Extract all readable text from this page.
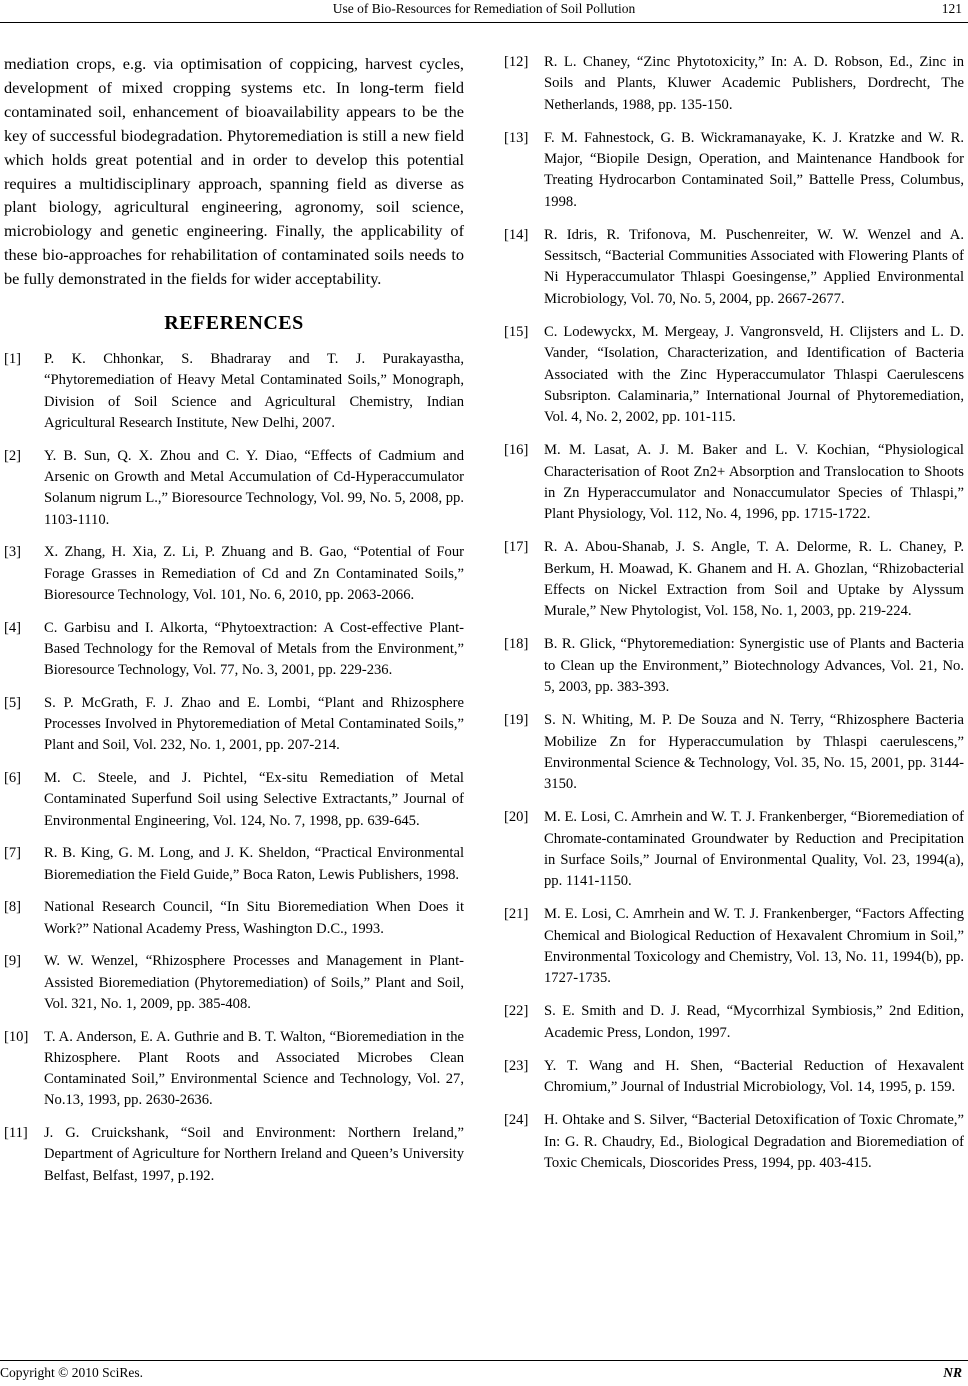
Use of Bio-Resources for Remediation of Soil Pollution	121

mediation crops, e.g. via optimisation of coppicing, harvest cycles, development of mixed cropping systems etc. In long-term field contaminated soil, enhancement of bioavailability appears to be the key of successful biodegradation. Phytoremediation is still a new field which holds great potential and in order to develop this potential requires a multidisciplinary approach, spanning field as diverse as plant biology, agricultural engineering, agronomy, soil science, microbiology and genetic engineering. Finally, the applicability of these bio-approaches for rehabilitation of contaminated soils needs to be fully demonstrated in the fields for wider acceptability.

REFERENCES
[1] P. K. Chhonkar, S. Bhadraray and T. J. Purakayastha, “Phytoremediation of Heavy Metal Contaminated Soils,” Monograph, Division of Soil Science and Agricultural Chemistry, Indian Agricultural Research Institute, New Delhi, 2007.
[2] Y. B. Sun, Q. X. Zhou and C. Y. Diao, “Effects of Cadmium and Arsenic on Growth and Metal Accumulation of Cd-Hyperaccumulator Solanum nigrum L.,” Bioresource Technology, Vol. 99, No. 5, 2008, pp. 1103-1110.
[3] X. Zhang, H. Xia, Z. Li, P. Zhuang and B. Gao, “Potential of Four Forage Grasses in Remediation of Cd and Zn Contaminated Soils,” Bioresource Technology, Vol. 101, No. 6, 2010, pp. 2063-2066.
[4] C. Garbisu and I. Alkorta, “Phytoextraction: A Cost-effective Plant-Based Technology for the Removal of Metals from the Environment,” Bioresource Technology, Vol. 77, No. 3, 2001, pp. 229-236.
[5] S. P. McGrath, F. J. Zhao and E. Lombi, “Plant and Rhizosphere Processes Involved in Phytoremediation of Metal Contaminated Soils,” Plant and Soil, Vol. 232, No. 1, 2001, pp. 207-214.
[6] M. C. Steele, and J. Pichtel, “Ex-situ Remediation of Metal Contaminated Superfund Soil using Selective Extractants,” Journal of Environmental Engineering, Vol. 124, No. 7, 1998, pp. 639-645.
[7] R. B. King, G. M. Long, and J. K. Sheldon, “Practical Environmental Bioremediation the Field Guide,” Boca Raton, Lewis Publishers, 1998.
[8] National Research Council, “In Situ Bioremediation When Does it Work?” National Academy Press, Washington D.C., 1993.
[9] W. W. Wenzel, “Rhizosphere Processes and Management in Plant-Assisted Bioremediation (Phytoremediation) of Soils,” Plant and Soil, Vol. 321, No. 1, 2009, pp. 385-408.
[10] T. A. Anderson, E. A. Guthrie and B. T. Walton, “Bioremediation in the Rhizosphere. Plant Roots and Associated Microbes Clean Contaminated Soil,” Environmental Science and Technology, Vol. 27, No.13, 1993, pp. 2630-2636.
[11] J. G. Cruickshank, “Soil and Environment: Northern Ireland,” Department of Agriculture for Northern Ireland and Queen’s University Belfast, Belfast, 1997, p.192.
[12] R. L. Chaney, “Zinc Phytotoxicity,” In: A. D. Robson, Ed., Zinc in Soils and Plants, Kluwer Academic Publishers, Dordrecht, The Netherlands, 1988, pp. 135-150.
[13] F. M. Fahnestock, G. B. Wickramanayake, K. J. Kratzke and W. R. Major, “Biopile Design, Operation, and Maintenance Handbook for Treating Hydrocarbon Contaminated Soil,” Battelle Press, Columbus, 1998.
[14] R. Idris, R. Trifonova, M. Puschenreiter, W. W. Wenzel and A. Sessitsch, “Bacterial Communities Associated with Flowering Plants of Ni Hyperaccumulator Thlaspi Goesingense,” Applied Environmental Microbiology, Vol. 70, No. 5, 2004, pp. 2667-2677.
[15] C. Lodewyckx, M. Mergeay, J. Vangronsveld, H. Clijsters and L. D. Vander, “Isolation, Characterization, and Identification of Bacteria Associated with the Zinc Hyperaccumulator Thlaspi Caerulescens Subsripton. Calaminaria,” International Journal of Phytoremediation, Vol. 4, No. 2, 2002, pp. 101-115.
[16] M. M. Lasat, A. J. M. Baker and L. V. Kochian, “Physiological Characterisation of Root Zn2+ Absorption and Translocation to Shoots in Zn Hyperaccumulator and Nonaccumulator Species of Thlaspi,” Plant Physiology, Vol. 112, No. 4, 1996, pp. 1715-1722.
[17] R. A. Abou-Shanab, J. S. Angle, T. A. Delorme, R. L. Chaney, P. Berkum, H. Moawad, K. Ghanem and H. A. Ghozlan, “Rhizobacterial Effects on Nickel Extraction from Soil and Uptake by Alyssum Murale,” New Phytologist, Vol. 158, No. 1, 2003, pp. 219-224.
[18] B. R. Glick, “Phytoremediation: Synergistic use of Plants and Bacteria to Clean up the Environment,” Biotechnology Advances, Vol. 21, No. 5, 2003, pp. 383-393.
[19] S. N. Whiting, M. P. De Souza and N. Terry, “Rhizosphere Bacteria Mobilize Zn for Hyperaccumulation by Thlaspi caerulescens,” Environmental Science & Technology, Vol. 35, No. 15, 2001, pp. 3144-3150.
[20] M. E. Losi, C. Amrhein and W. T. J. Frankenberger, “Bioremediation of Chromate-contaminated Groundwater by Reduction and Precipitation in Surface Soils,” Journal of Environmental Quality, Vol. 23, 1994(a), pp. 1141-1150.
[21] M. E. Losi, C. Amrhein and W. T. J. Frankenberger, “Factors Affecting Chemical and Biological Reduction of Hexavalent Chromium in Soil,” Environmental Toxicology and Chemistry, Vol. 13, No. 11, 1994(b), pp. 1727-1735.
[22] S. E. Smith and D. J. Read, “Mycorrhizal Symbiosis,” 2nd Edition, Academic Press, London, 1997.
[23] Y. T. Wang and H. Shen, “Bacterial Reduction of Hexavalent Chromium,” Journal of Industrial Microbiology, Vol. 14, 1995, p. 159.
[24] H. Ohtake and S. Silver, “Bacterial Detoxification of Toxic Chromate,” In: G. R. Chaudry, Ed., Biological Degradation and Bioremediation of Toxic Chemicals, Dioscorides Press, 1994, pp. 403-415.
Copyright © 2010 SciRes.	NR
